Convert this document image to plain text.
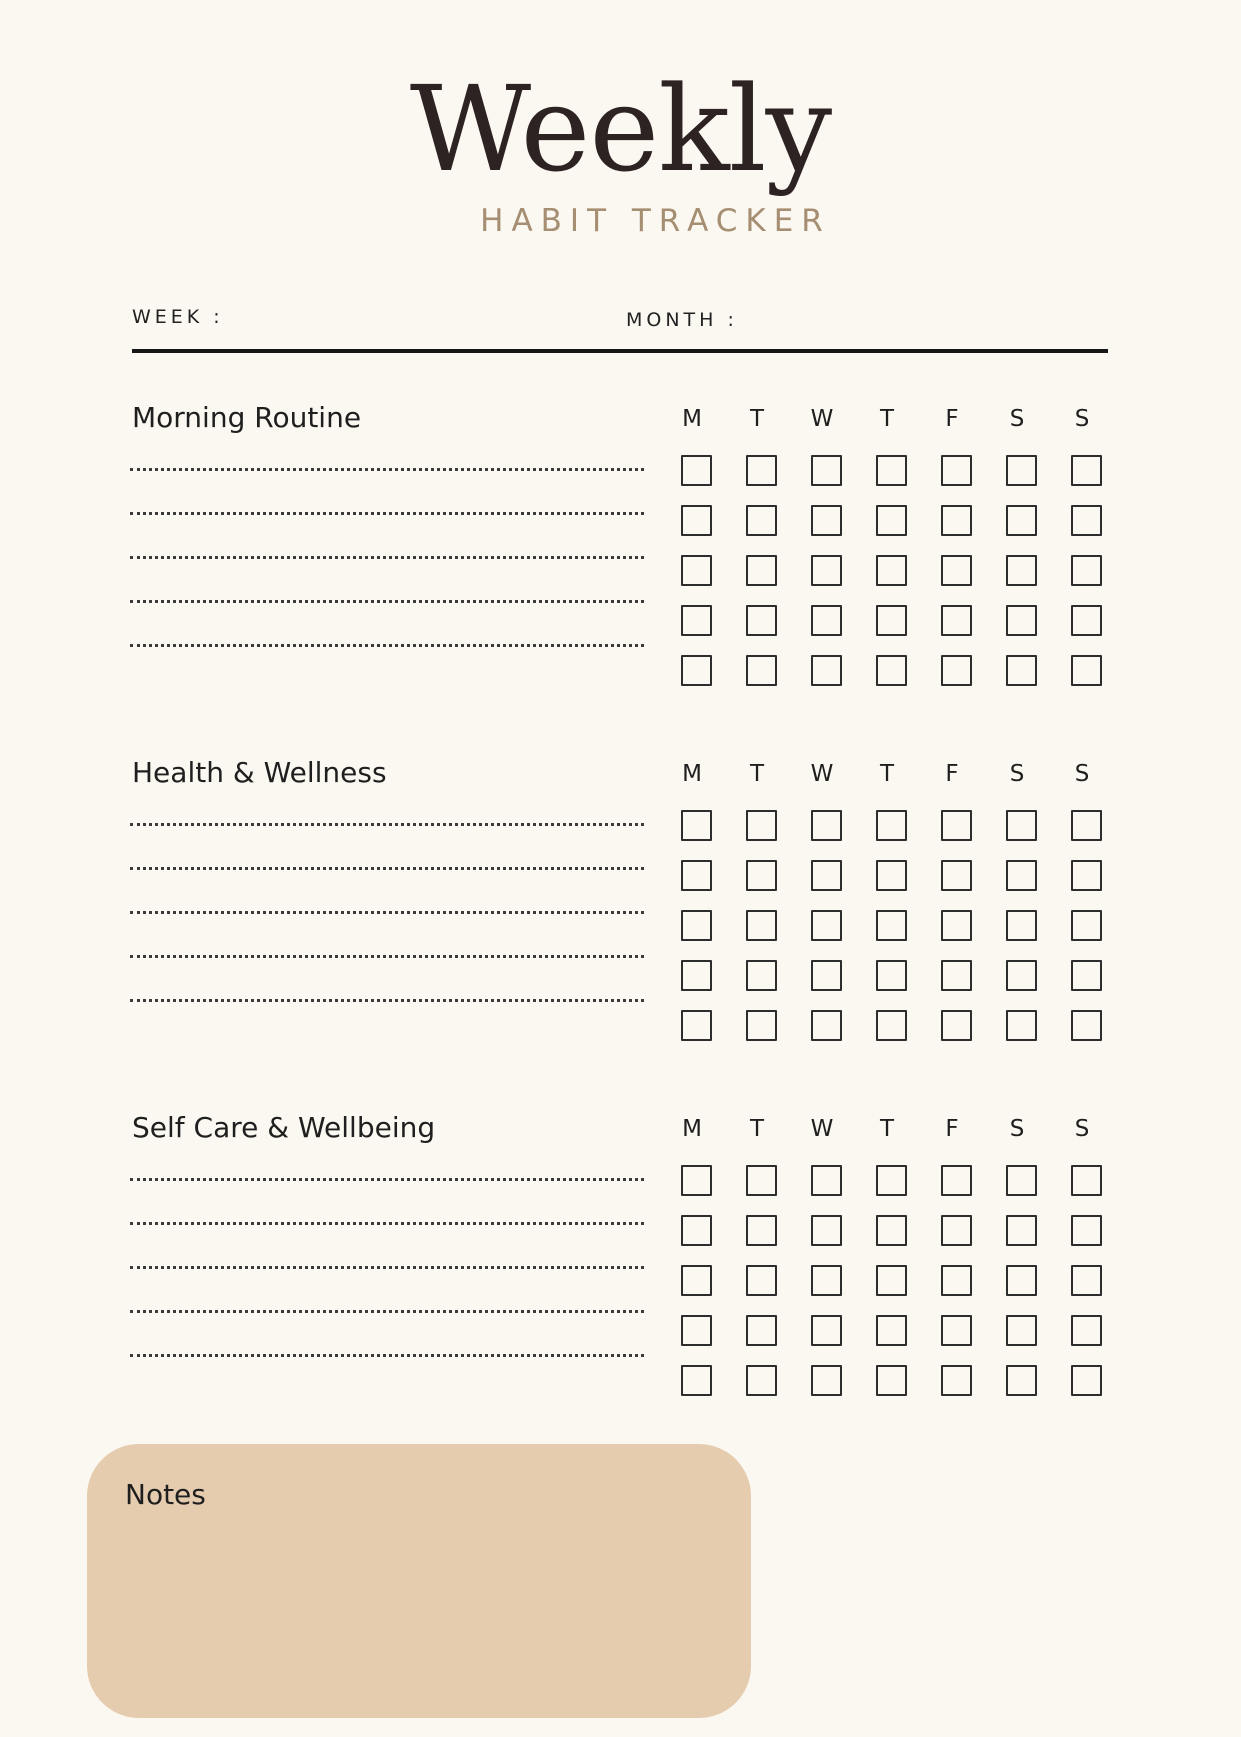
Weekly
HABIT TRACKER
WEEK :	MONTH :
Morning Routine	M	T	W	T	F	S	S
Health & Wellness	M	T	W	T	F	S	S
Self Care & Wellbeing	M	T	W	T	F	S	S
Notes
